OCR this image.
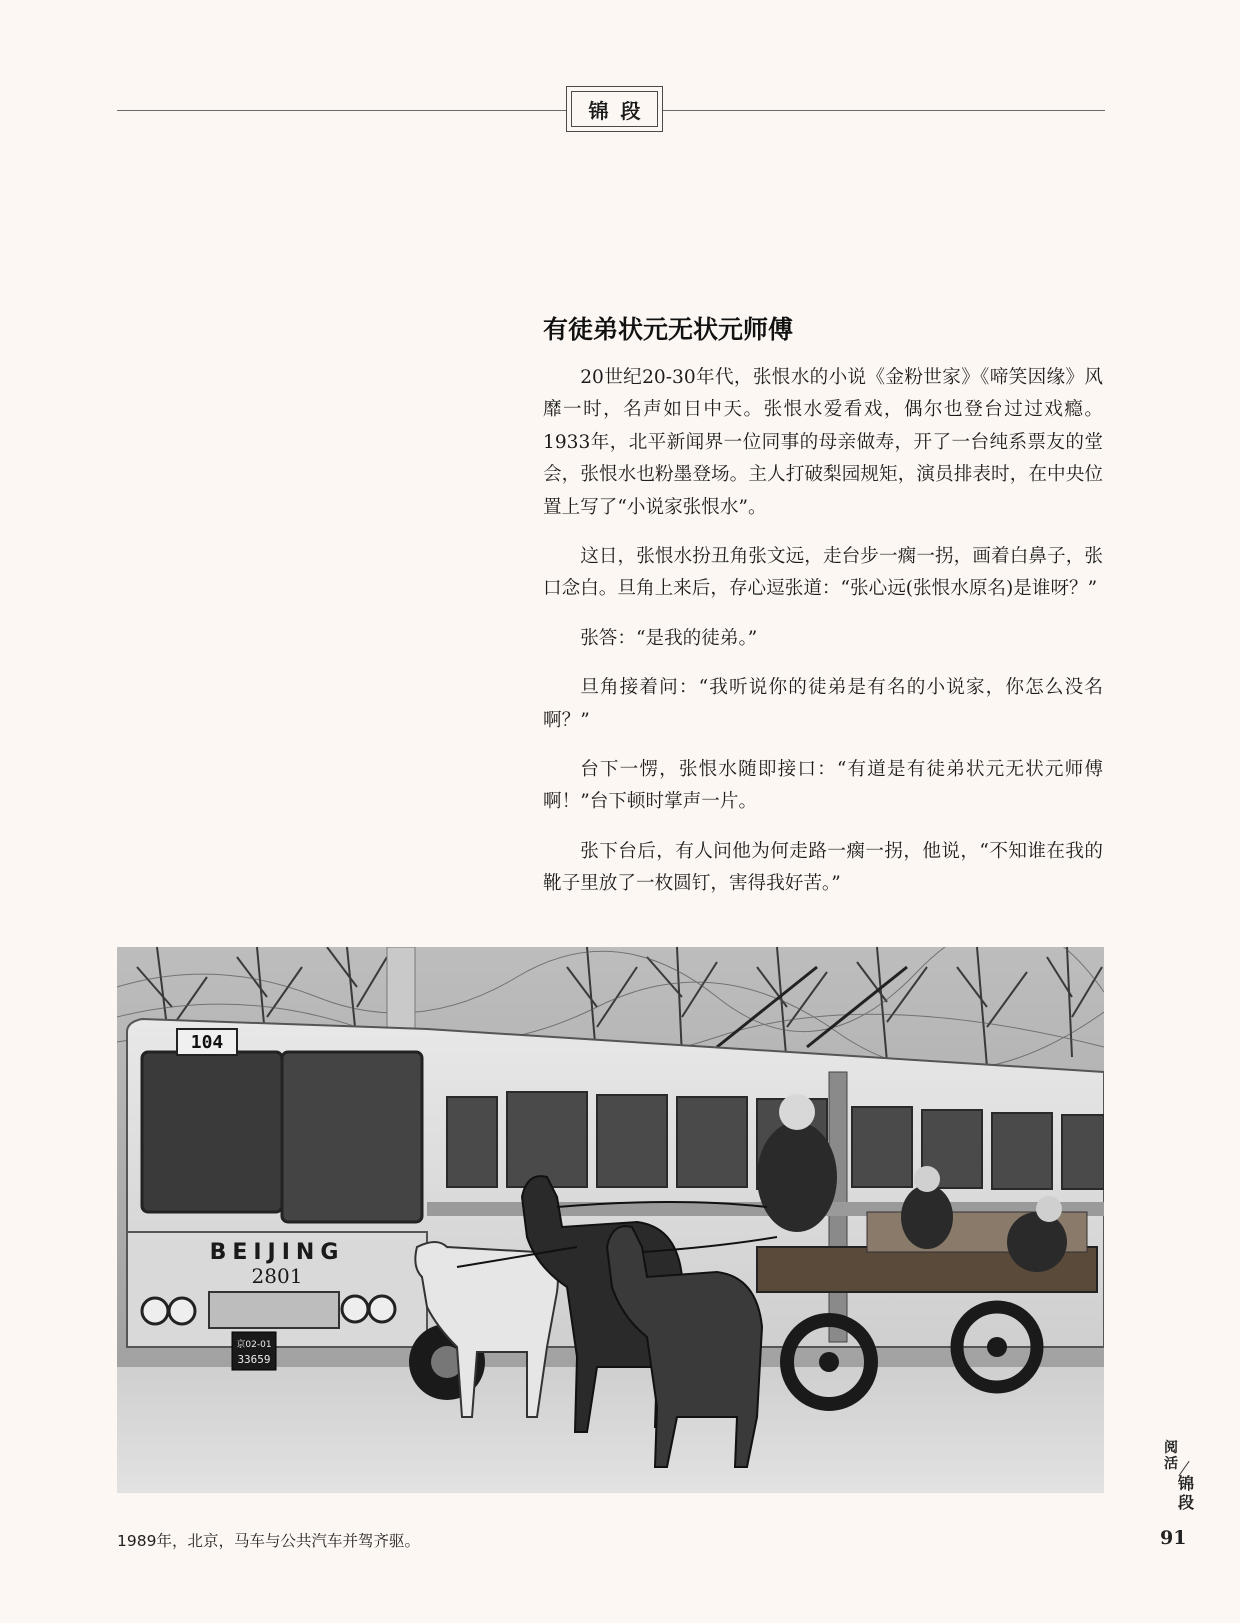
锦段
有徒弟状元无状元师傅

20世纪20-30年代，张恨水的小说《金粉世家》《啼笑因缘》风靡一时，名声如日中天。张恨水爱看戏，偶尔也登台过过戏瘾。1933年，北平新闻界一位同事的母亲做寿，开了一台纯系票友的堂会，张恨水也粉墨登场。主人打破梨园规矩，演员排表时，在中央位置上写了“小说家张恨水”。

这日，张恨水扮丑角张文远，走台步一瘸一拐，画着白鼻子，张口念白。旦角上来后，存心逗张道：“张心远(张恨水原名)是谁呀？”

张答：“是我的徒弟。”

旦角接着问：“我听说你的徒弟是有名的小说家，你怎么没名啊？”

台下一愣，张恨水随即接口：“有道是有徒弟状元无状元师傅啊！”台下顿时掌声一片。

张下台后，有人问他为何走路一瘸一拐，他说，“不知谁在我的靴子里放了一枚圆钉，害得我好苦。”

104
BEIJING
2801
京02-01
33659
1989年，北京，马车与公共汽车并驾齐驱。
阅活
锦段
91
